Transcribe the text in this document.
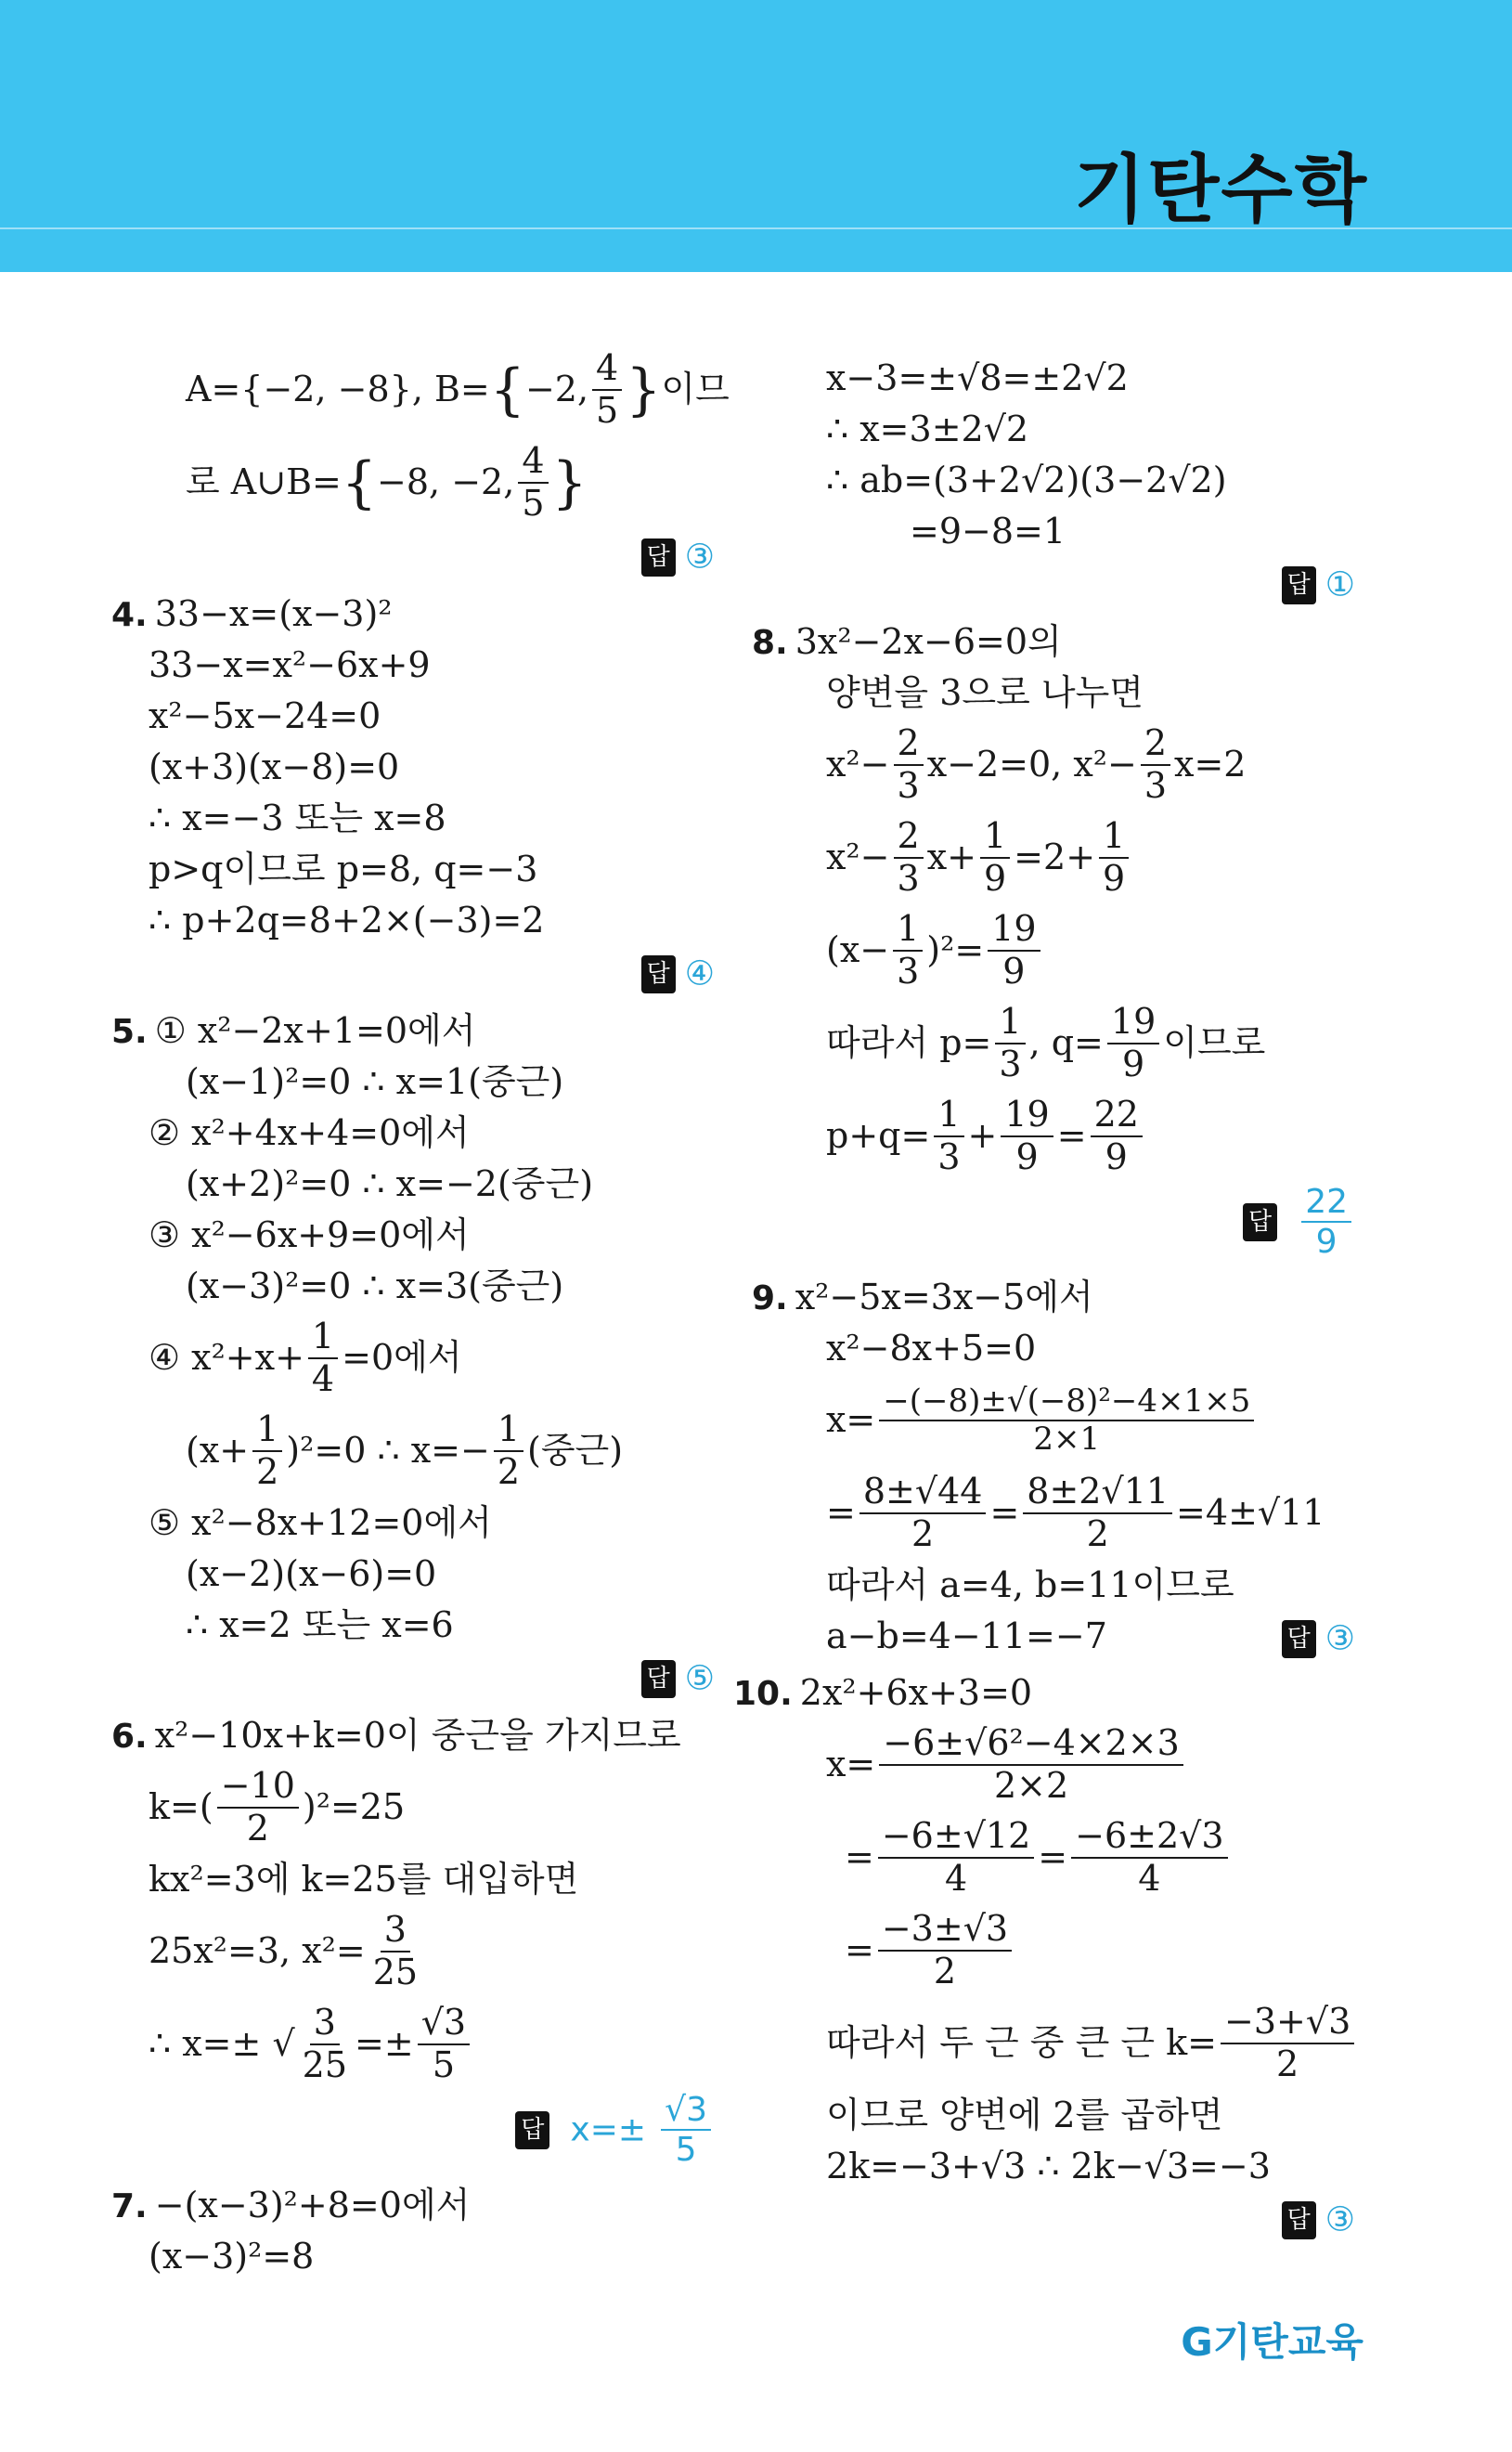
기탄수학
A={−2, −8}, B= { −2, $\frac{4}{5}$ } 이므
로 A∪B= { −8, −2, $\frac{4}{5}$ }
답 ③
4. 33−x=(x−3)²
33−x=x²−6x+9
x²−5x−24=0
(x+3)(x−8)=0
∴ x=−3 또는 x=8
p>q이므로 p=8, q=−3
∴ p+2q=8+2×(−3)=2
답 ④
5. ① x²−2x+1=0에서
(x−1)²=0 ∴ x=1(중근)
② x²+4x+4=0에서
(x+2)²=0 ∴ x=−2(중근)
③ x²−6x+9=0에서
(x−3)²=0 ∴ x=3(중근)
④ $x^2+x+ \frac{1}{4} =0$에서
$(x+ \frac{1}{2} )^2=0$ ∴ $x=- \frac{1}{2}$ (중근)
⑤ x²−8x+12=0에서
(x−2)(x−6)=0
∴ x=2 또는 x=6
답 ⑤
6. x²−10x+k=0이 중근을 가지므로
$k=( \frac{-10}{2} )^2=25$
kx²=3에 k=25를 대입하면
25x²=3, $x^2= \frac{3}{25}$
∴ x=± √ $\frac{3}{25} =\pm \frac{√3}{5}$
답 $x=\pm \frac{√3}{5}$
7. −(x−3)²+8=0에서
(x−3)²=8
x−3=±√8=±2√2
∴ x=3±2√2
∴ ab=(3+2√2)(3−2√2)
=9−8=1
답 ①
8. 3x²−2x−6=0의
양변을 3으로 나누면
$x^2- \frac{2}{3} x-2=0$, $x^2- \frac{2}{3} x=2$
$x^2- \frac{2}{3} x+ \frac{1}{9} =2+ \frac{1}{9}$
$(x- \frac{1}{3} )^2= \frac{19}{9}$
따라서 $p= \frac{1}{3}$ , $q= \frac{19}{9}$ 이므로
$p+q= \frac{1}{3} + \frac{19}{9} = \frac{22}{9}$
답 $\frac{22}{9}$
9. x²−5x=3x−5에서
x²−8x+5=0
$x= \frac{\text{−(−8)±√(−8)²−4×1×5}}{2\times 1}$
= $\frac{8\pm√44}{2} = \frac{8\pm 2√11}{2} =4\pm√11$
따라서 a=4, b=11이므로
a−b=4−11=−7	답 ③
10. 2x²+6x+3=0
$x= \frac{\text{−6±√6²−4×2×3}}{2\times 2}$
= $\frac{-6\pm√12}{4} = \frac{-6\pm 2√3}{4}$
= $\frac{-3\pm√3}{2}$
따라서 두 근 중 큰 근 $k= \frac{-3+√3}{2}$
이므로 양변에 2를 곱하면
2k=−3+√3 ∴ 2k−√3=−3
답 ③
G기탄교육
